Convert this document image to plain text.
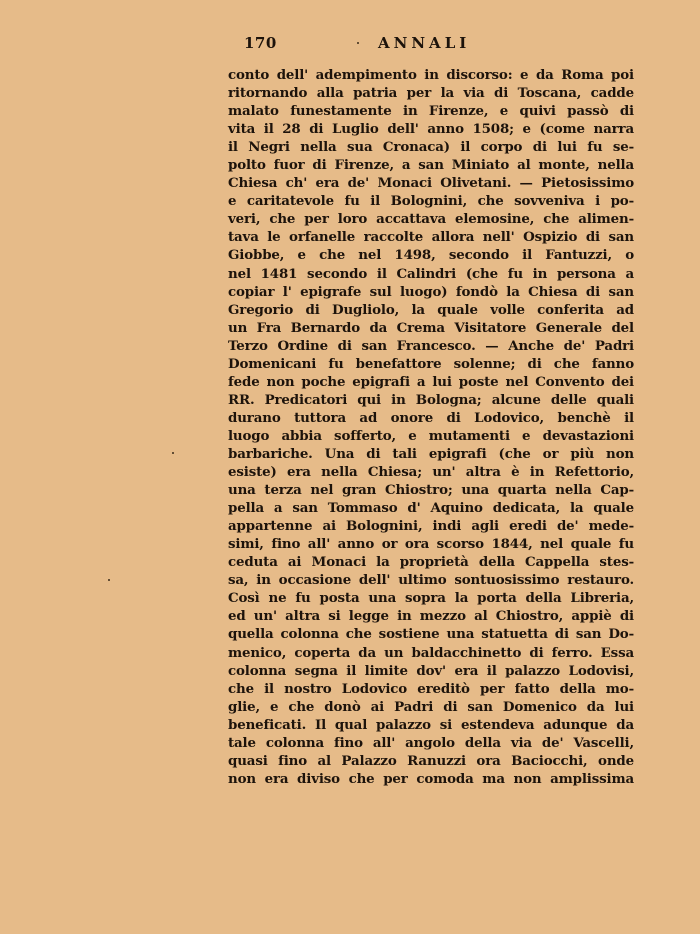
170	ANNALI
conto dell' adempimento in discorso: e da Roma poi
ritornando alla patria per la via di Toscana, cadde
malato funestamente in Firenze, e quivi passò di
vita il 28 di Luglio dell' anno 1508; e (come narra
il Negri nella sua Cronaca) il corpo di lui fu se-
polto fuor di Firenze, a san Miniato al monte, nella
Chiesa ch' era de' Monaci Olivetani. — Pietosissimo
e caritatevole fu il Bolognini, che sovveniva i po-
veri, che per loro accattava elemosine, che alimen-
tava le orfanelle raccolte allora nell' Ospizio di san
Giobbe, e che nel 1498, secondo il Fantuzzi, o
nel 1481 secondo il Calindri (che fu in persona a
copiar l' epigrafe sul luogo) fondò la Chiesa di san
Gregorio di Dugliolo, la quale volle conferita ad
un Fra Bernardo da Crema Visitatore Generale del
Terzo Ordine di san Francesco. — Anche de' Padri
Domenicani fu benefattore solenne; di che fanno
fede non poche epigrafi a lui poste nel Convento dei
RR. Predicatori qui in Bologna; alcune delle quali
durano tuttora ad onore di Lodovico, benchè il
luogo abbia sofferto, e mutamenti e devastazioni
barbariche. Una di tali epigrafi (che or più non
esiste) era nella Chiesa; un' altra è in Refettorio,
una terza nel gran Chiostro; una quarta nella Cap-
pella a san Tommaso d' Aquino dedicata, la quale
appartenne ai Bolognini, indi agli eredi de' mede-
simi, fino all' anno or ora scorso 1844, nel quale fu
ceduta ai Monaci la proprietà della Cappella stes-
sa, in occasione dell' ultimo sontuosissimo restauro.
Così ne fu posta una sopra la porta della Libreria,
ed un' altra si legge in mezzo al Chiostro, appiè di
quella colonna che sostiene una statuetta di san Do-
menico, coperta da un baldacchinetto di ferro. Essa
colonna segna il limite dov' era il palazzo Lodovisi,
che il nostro Lodovico ereditò per fatto della mo-
glie, e che donò ai Padri di san Domenico da lui
beneficati. Il qual palazzo si estendeva adunque da
tale colonna fino all' angolo della via de' Vascelli,
quasi fino al Palazzo Ranuzzi ora Baciocchi, onde
non era diviso che per comoda ma non amplissima
